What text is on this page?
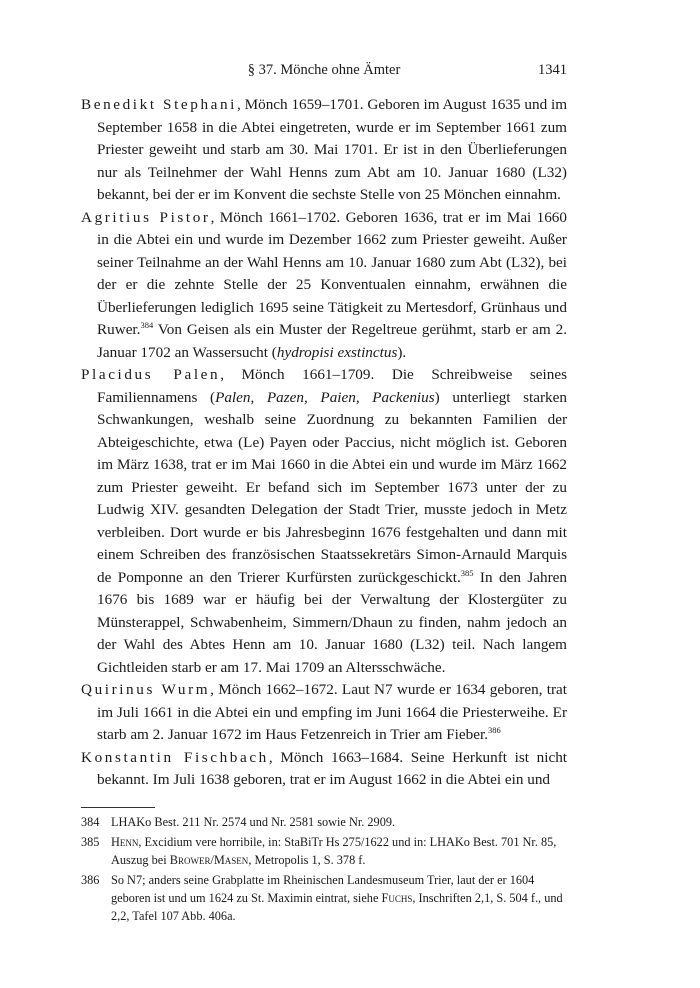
§ 37. Mönche ohne Ämter	1341

Benedikt Stephani, Mönch 1659–1701. Geboren im August 1635 und im September 1658 in die Abtei eingetreten, wurde er im September 1661 zum Priester geweiht und starb am 30. Mai 1701. Er ist in den Überlieferungen nur als Teilnehmer der Wahl Henns zum Abt am 10. Januar 1680 (L32) bekannt, bei der er im Konvent die sechste Stelle von 25 Mönchen einnahm.

Agritius Pistor, Mönch 1661–1702. Geboren 1636, trat er im Mai 1660 in die Abtei ein und wurde im Dezember 1662 zum Priester geweiht. Außer seiner Teilnahme an der Wahl Henns am 10. Januar 1680 zum Abt (L32), bei der er die zehnte Stelle der 25 Konventualen einnahm, erwähnen die Überlieferungen lediglich 1695 seine Tätigkeit zu Mertesdorf, Grünhaus und Ruwer.$^{384}$ Von Geisen als ein Muster der Regeltreue gerühmt, starb er am 2. Januar 1702 an Wassersucht (hydropisi exstinctus).

Placidus Palen, Mönch 1661–1709. Die Schreibweise seines Familiennamens (Palen, Pazen, Paien, Packenius) unterliegt starken Schwankungen, weshalb seine Zuordnung zu bekannten Familien der Abteigeschichte, etwa (Le) Payen oder Paccius, nicht möglich ist. Geboren im März 1638, trat er im Mai 1660 in die Abtei ein und wurde im März 1662 zum Priester geweiht. Er befand sich im September 1673 unter der zu Ludwig XIV. gesandten Delegation der Stadt Trier, musste jedoch in Metz verbleiben. Dort wurde er bis Jahresbeginn 1676 festgehalten und dann mit einem Schreiben des französischen Staatssekretärs Simon-Arnauld Marquis de Pomponne an den Trierer Kurfürsten zurückgeschickt.$^{385}$ In den Jahren 1676 bis 1689 war er häufig bei der Verwaltung der Klostergüter zu Münsterappel, Schwabenheim, Simmern/Dhaun zu finden, nahm jedoch an der Wahl des Abtes Henn am 10. Januar 1680 (L32) teil. Nach langem Gichtleiden starb er am 17. Mai 1709 an Altersschwäche.

Quirinus Wurm, Mönch 1662–1672. Laut N7 wurde er 1634 geboren, trat im Juli 1661 in die Abtei ein und empfing im Juni 1664 die Priesterweihe. Er starb am 2. Januar 1672 im Haus Fetzenreich in Trier am Fieber.$^{386}$

Konstantin Fischbach, Mönch 1663–1684. Seine Herkunft ist nicht bekannt. Im Juli 1638 geboren, trat er im August 1662 in die Abtei ein und

384 LHAKo Best. 211 Nr. 2574 und Nr. 2581 sowie Nr. 2909.

385 Henn, Excidium vere horribile, in: StaBiTr Hs 275/1622 und in: LHAKo Best. 701 Nr. 85, Auszug bei Brower/Masen, Metropolis 1, S. 378 f.

386 So N7; anders seine Grabplatte im Rheinischen Landesmuseum Trier, laut der er 1604 geboren ist und um 1624 zu St. Maximin eintrat, siehe Fuchs, Inschriften 2,1, S. 504 f., und 2,2, Tafel 107 Abb. 406a.
